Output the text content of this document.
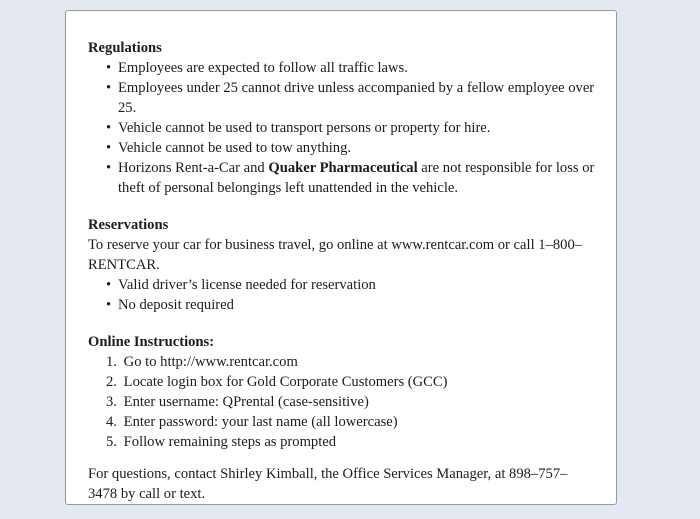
Regulations
• Employees are expected to follow all traffic laws.
• Employees under 25 cannot drive unless accompanied by a fellow employee over 25.
• Vehicle cannot be used to transport persons or property for hire.
• Vehicle cannot be used to tow anything.
• Horizons Rent-a-Car and Quaker Pharmaceutical are not responsible for loss or theft of personal belongings left unattended in the vehicle.
Reservations
To reserve your car for business travel, go online at www.rentcar.com or call 1–800–RENTCAR.
• Valid driver’s license needed for reservation
• No deposit required
Online Instructions:
1. Go to http://www.rentcar.com
2. Locate login box for Gold Corporate Customers (GCC)
3. Enter username: QPrental (case-sensitive)
4. Enter password: your last name (all lowercase)
5. Follow remaining steps as prompted
For questions, contact Shirley Kimball, the Office Services Manager, at 898–757–3478 by call or text.
